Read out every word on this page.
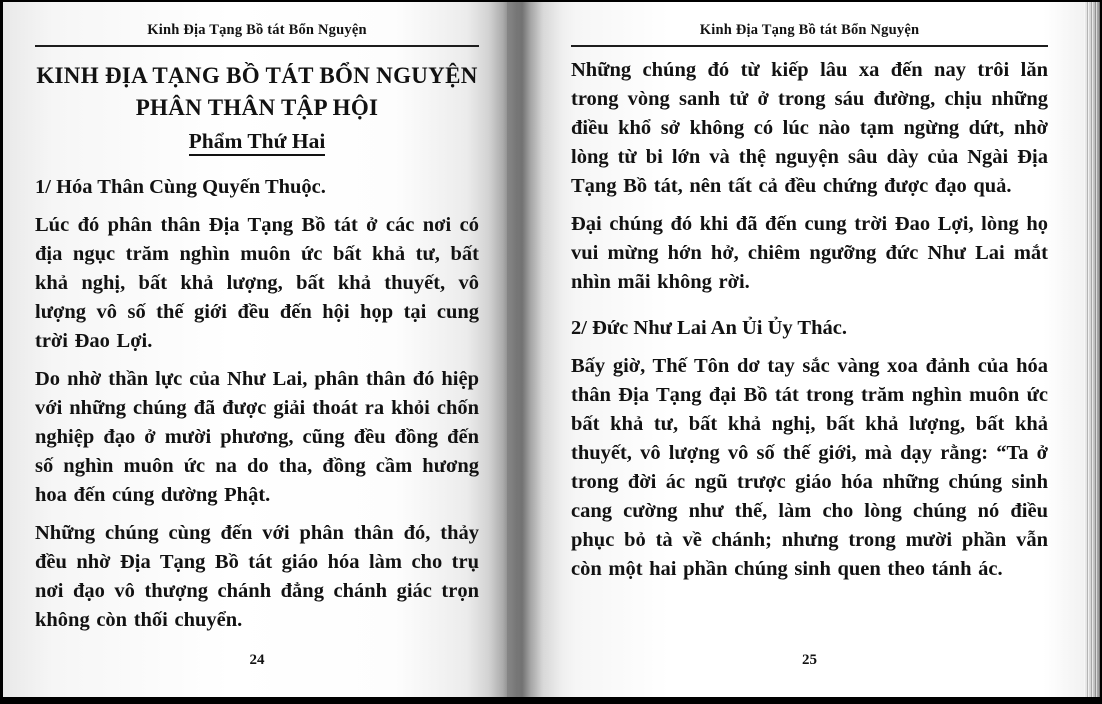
Kinh Địa Tạng Bồ tát Bổn Nguyện
KINH ĐỊA TẠNG BỒ TÁT BỔN NGUYỆN
PHÂN THÂN TẬP HỘI
Phẩm Thứ Hai
1/ Hóa Thân Cùng Quyến Thuộc.
Lúc đó phân thân Địa Tạng Bồ tát ở các nơi có địa ngục trăm nghìn muôn ức bất khả tư, bất khả nghị, bất khả lượng, bất khả thuyết, vô lượng vô số thế giới đều đến hội họp tại cung trời Đao Lợi.
Do nhờ thần lực của Như Lai, phân thân đó hiệp với những chúng đã được giải thoát ra khỏi chốn nghiệp đạo ở mười phương, cũng đều đồng đến số nghìn muôn ức na do tha, đồng cầm hương hoa đến cúng dường Phật.
Những chúng cùng đến với phân thân đó, thảy đều nhờ Địa Tạng Bồ tát giáo hóa làm cho trụ nơi đạo vô thượng chánh đẳng chánh giác trọn không còn thối chuyển.
24
Kinh Địa Tạng Bồ tát Bổn Nguyện
Những chúng đó từ kiếp lâu xa đến nay trôi lăn trong vòng sanh tử ở trong sáu đường, chịu những điều khổ sở không có lúc nào tạm ngừng dứt, nhờ lòng từ bi lớn và thệ nguyện sâu dày của Ngài Địa Tạng Bồ tát, nên tất cả đều chứng được đạo quả.
Đại chúng đó khi đã đến cung trời Đao Lợi, lòng họ vui mừng hớn hở, chiêm ngưỡng đức Như Lai mắt nhìn mãi không rời.
2/ Đức Như Lai An Ủi Ủy Thác.
Bấy giờ, Thế Tôn dơ tay sắc vàng xoa đảnh của hóa thân Địa Tạng đại Bồ tát trong trăm nghìn muôn ức bất khả tư, bất khả nghị, bất khả lượng, bất khả thuyết, vô lượng vô số thế giới, mà dạy rằng: “Ta ở trong đời ác ngũ trược giáo hóa những chúng sinh cang cường như thế, làm cho lòng chúng nó điều phục bỏ tà về chánh; nhưng trong mười phần vẫn còn một hai phần chúng sinh quen theo tánh ác.
25
